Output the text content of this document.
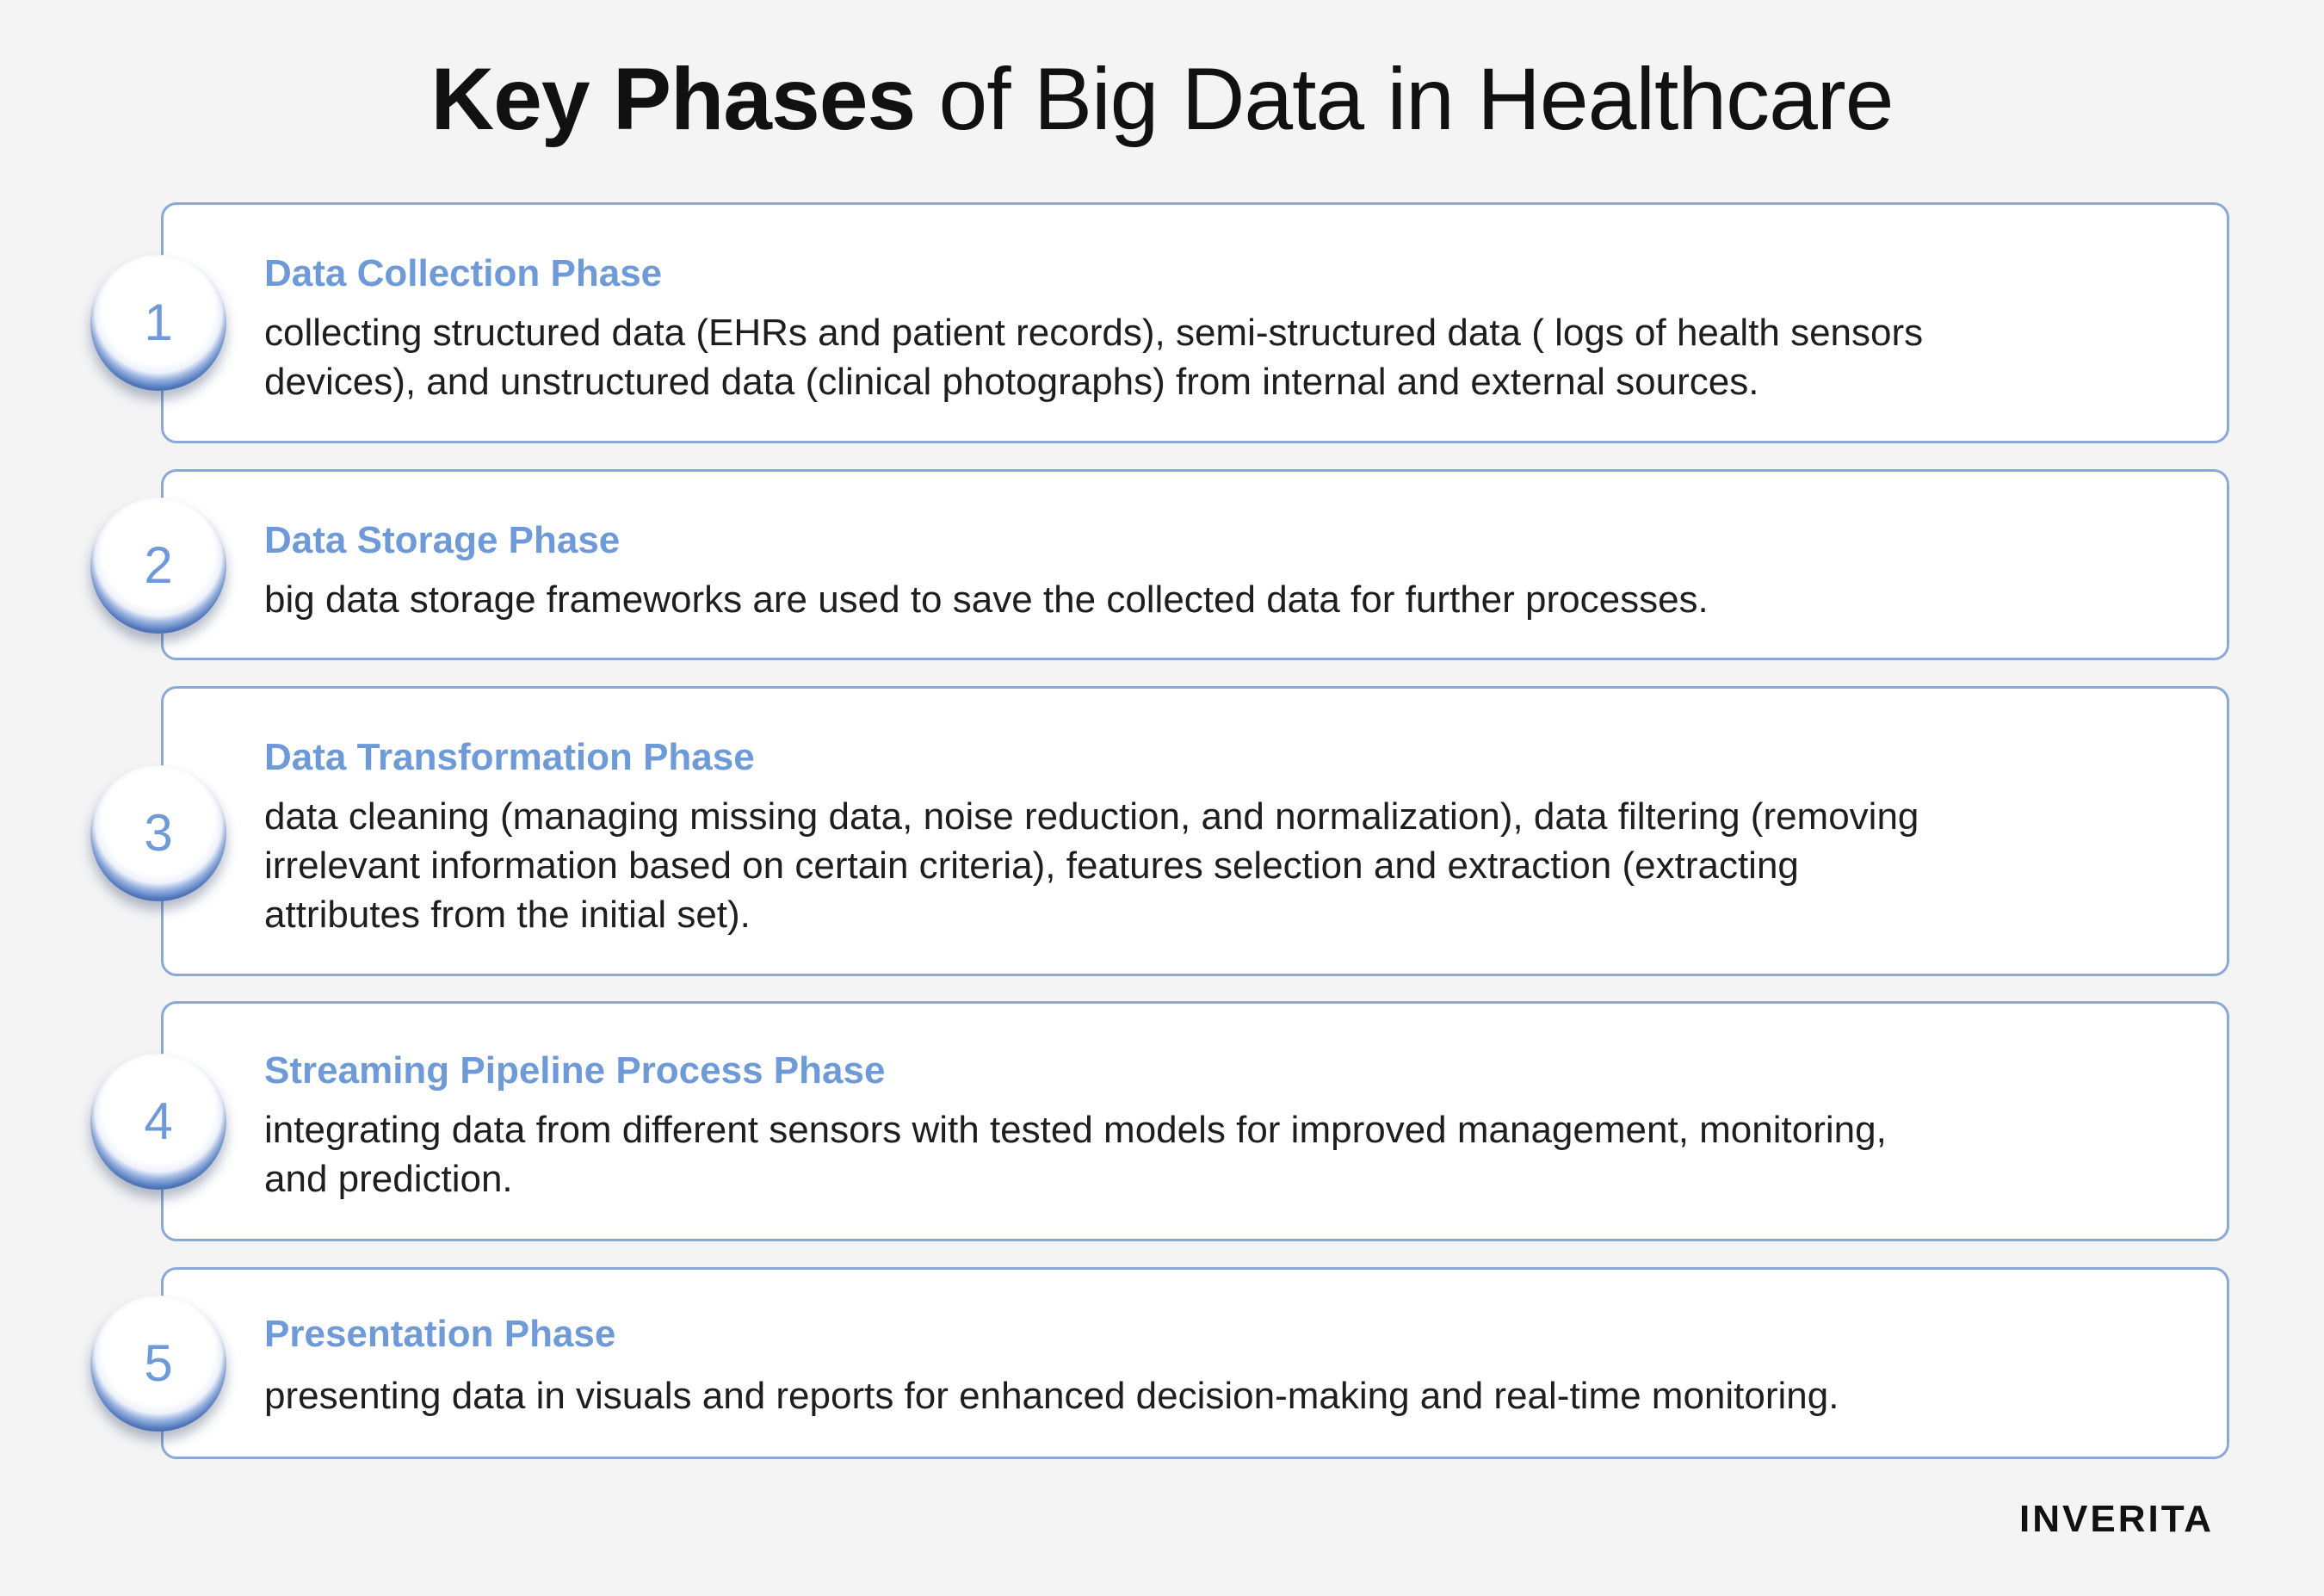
Key Phases of Big Data in Healthcare
Data Collection Phase
collecting structured data (EHRs and patient records), semi-structured data ( logs of health sensors
devices), and unstructured data (clinical photographs) from internal and external sources.
1
Data Storage Phase
big data storage frameworks are used to save the collected data for further processes.
2
Data Transformation Phase
data cleaning (managing missing data, noise reduction, and normalization), data filtering (removing
irrelevant information based on certain criteria), features selection and extraction (extracting
attributes from the initial set).
3
Streaming Pipeline Process Phase
integrating data from different sensors with tested models for improved management, monitoring,
and prediction.
4
Presentation Phase
presenting data in visuals and reports for enhanced decision-making and real-time monitoring.
5
INVERITA
